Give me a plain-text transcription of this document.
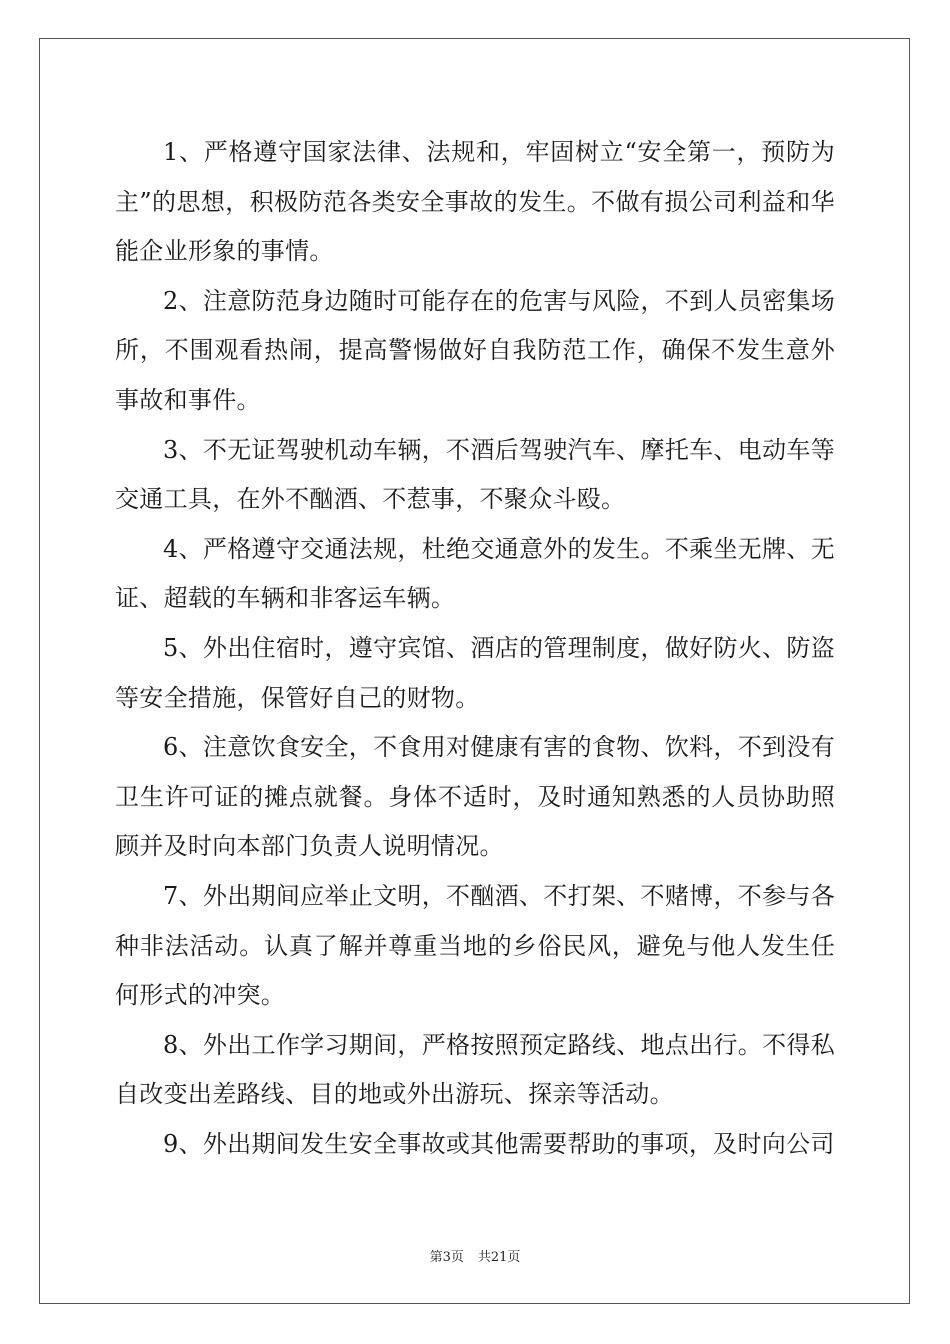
1、严格遵守国家法律、法规和，牢固树立“安全第一，预防为主”的思想，积极防范各类安全事故的发生。不做有损公司利益和华能企业形象的事情。

2、注意防范身边随时可能存在的危害与风险，不到人员密集场所，不围观看热闹，提高警惕做好自我防范工作，确保不发生意外事故和事件。

3、不无证驾驶机动车辆，不酒后驾驶汽车、摩托车、电动车等交通工具，在外不酗酒、不惹事，不聚众斗殴。

4、严格遵守交通法规，杜绝交通意外的发生。不乘坐无牌、无证、超载的车辆和非客运车辆。

5、外出住宿时，遵守宾馆、酒店的管理制度，做好防火、防盗等安全措施，保管好自己的财物。

6、注意饮食安全，不食用对健康有害的食物、饮料，不到没有卫生许可证的摊点就餐。身体不适时，及时通知熟悉的人员协助照顾并及时向本部门负责人说明情况。

7、外出期间应举止文明，不酗酒、不打架、不赌博，不参与各种非法活动。认真了解并尊重当地的乡俗民风，避免与他人发生任何形式的冲突。

8、外出工作学习期间，严格按照预定路线、地点出行。不得私自改变出差路线、目的地或外出游玩、探亲等活动。

9、外出期间发生安全事故或其他需要帮助的事项，及时向公司

第3页 共21页
